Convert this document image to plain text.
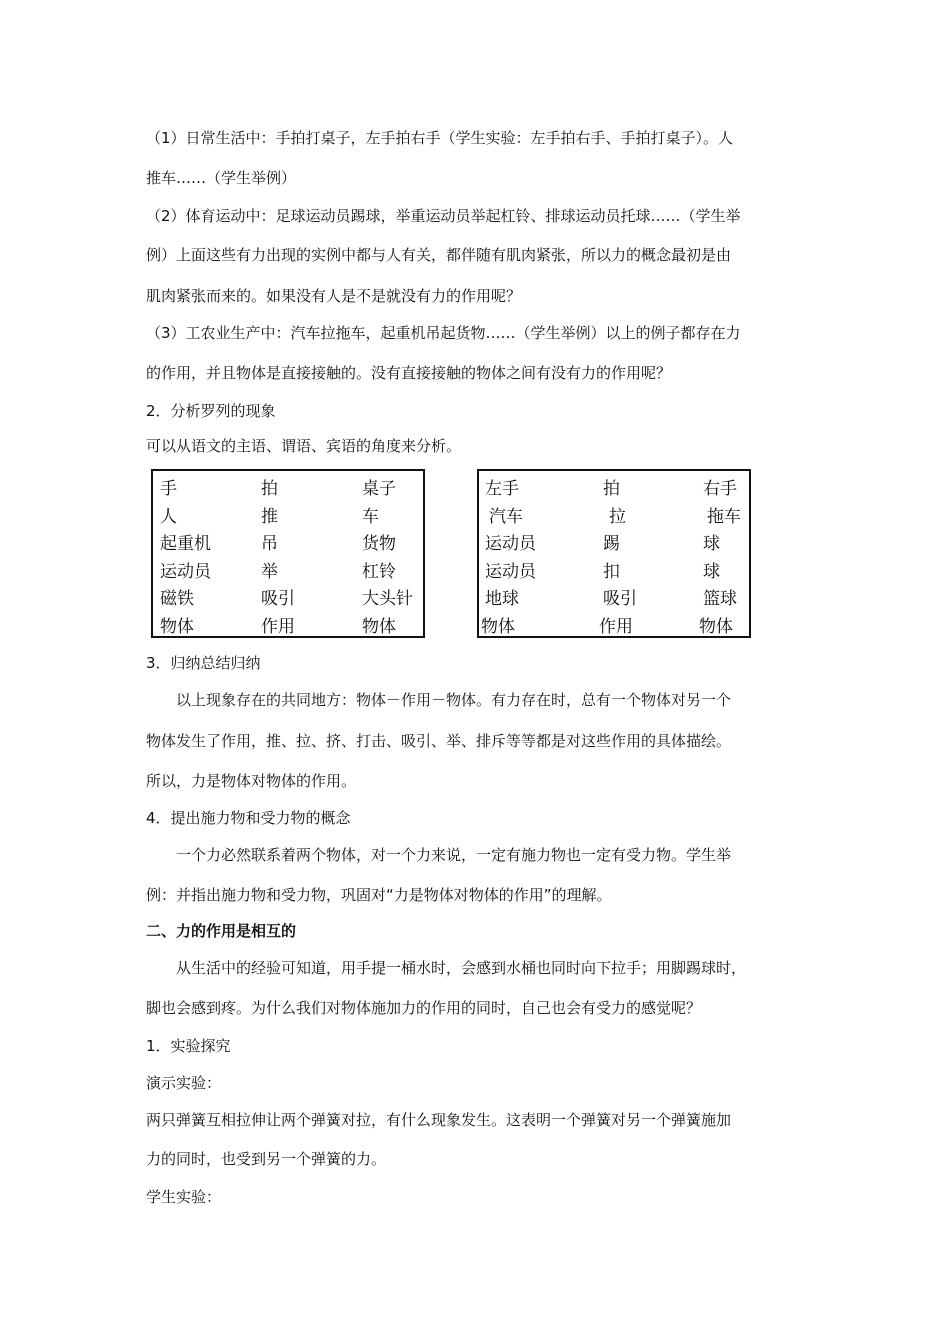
（1）日常生活中：手拍打桌子，左手拍右手（学生实验：左手拍右手、手拍打桌子）。人
推车……（学生举例）
（2）体育运动中：足球运动员踢球，举重运动员举起杠铃、排球运动员托球……（学生举
例）上面这些有力出现的实例中都与人有关，都伴随有肌肉紧张，所以力的概念最初是由
肌肉紧张而来的。如果没有人是不是就没有力的作用呢？
（3）工农业生产中：汽车拉拖车，起重机吊起货物……（学生举例）以上的例子都存在力
的作用，并且物体是直接接触的。没有直接接触的物体之间有没有力的作用呢？
2．分析罗列的现象
可以从语文的主语、谓语、宾语的角度来分析。
手	拍	桌子
人	推	车
起重机	吊	货物
运动员	举	杠铃
磁铁	吸引	大头针
物体	作用	物体
左手	拍	右手
汽车	拉	拖车
运动员	踢	球
运动员	扣	球
地球	吸引	篮球
物体	作用	物体
3．归纳总结归纳
以上现象存在的共同地方：物体－作用－物体。有力存在时，总有一个物体对另一个
物体发生了作用，推、拉、挤、打击、吸引、举、排斥等等都是对这些作用的具体描绘。
所以，力是物体对物体的作用。
4．提出施力物和受力物的概念
一个力必然联系着两个物体，对一个力来说，一定有施力物也一定有受力物。学生举
例：并指出施力物和受力物，巩固对“力是物体对物体的作用”的理解。
二、力的作用是相互的
从生活中的经验可知道，用手提一桶水时，会感到水桶也同时向下拉手；用脚踢球时，
脚也会感到疼。为什么我们对物体施加力的作用的同时，自己也会有受力的感觉呢？
1．实验探究
演示实验：
两只弹簧互相拉伸让两个弹簧对拉，有什么现象发生。这表明一个弹簧对另一个弹簧施加
力的同时，也受到另一个弹簧的力。
学生实验：
